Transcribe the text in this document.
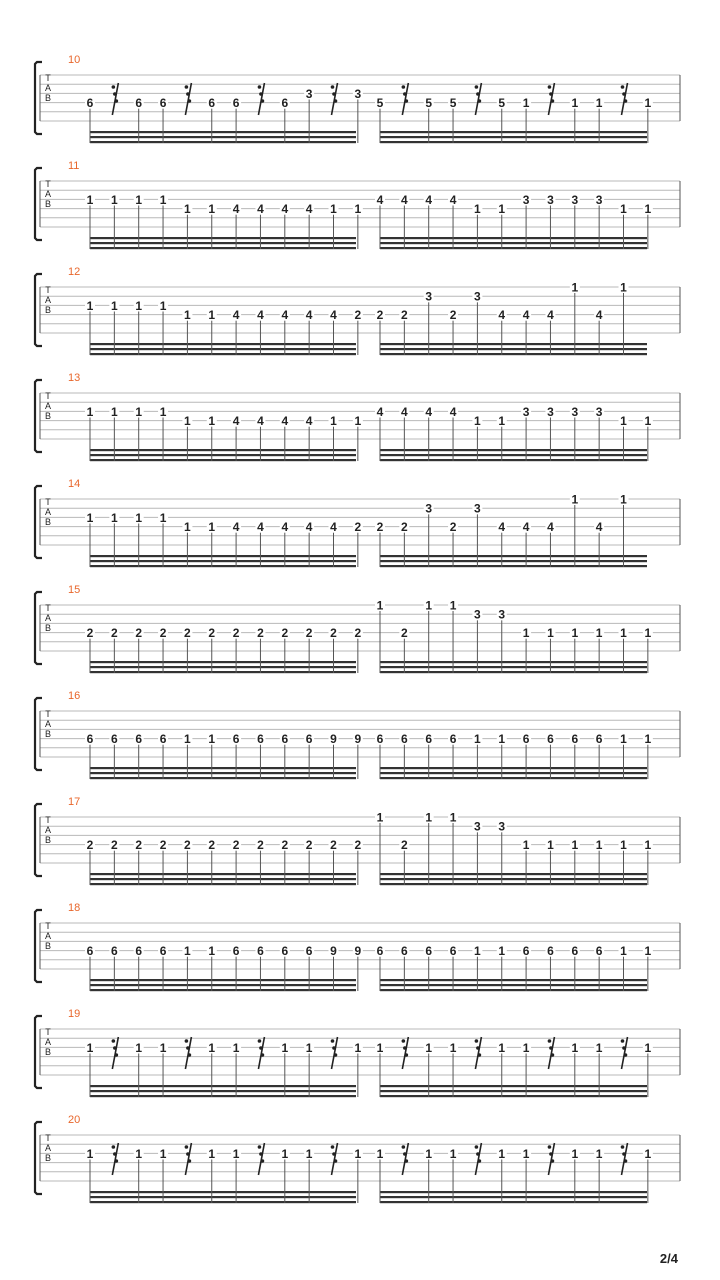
10
T
A
B	6	6 6	6 6	6
3	3
5	5 5	5 1	1 1	1
11
T
A
B	1 1 1 1
1 1 4 4 4 4 1 1
4 4 4 4
1 1
3 3 3 3
1 1
12
T
A
B	1 1 1 1
1 1 4 4 4 4 4 2 2 2
3
2
3
4 4 4
1
4
1
13
T
A
B	1 1 1 1
1 1 4 4 4 4 1 1
4 4 4 4
1 1
3 3 3 3
1 1
14
T
A
B	1 1 1 1
1 1 4 4 4 4 4 2 2 2
3
2
3
4 4 4
1
4
1
15
T
A
B	2 2 2 2 2 2 2 2 2 2 2 2
1
2
1 1
3 3
1 1 1 1 1 1
16
T
A
B	6 6 6 6 1 1 6 6 6 6 9 9 6 6 6 6 1 1 6 6 6 6 1 1
17
T
A
B	2 2 2 2 2 2 2 2 2 2 2 2
1
2
1 1
3 3
1 1 1 1 1 1
18
T
A
B	6 6 6 6 1 1 6 6 6 6 9 9 6 6 6 6 1 1 6 6 6 6 1 1
19
T
A
B	1	1 1	1 1	1 1	1 1	1 1	1 1	1 1	1
20
T
A
B	1	1 1	1 1	1 1	1 1	1 1	1 1	1 1	1
2/4
